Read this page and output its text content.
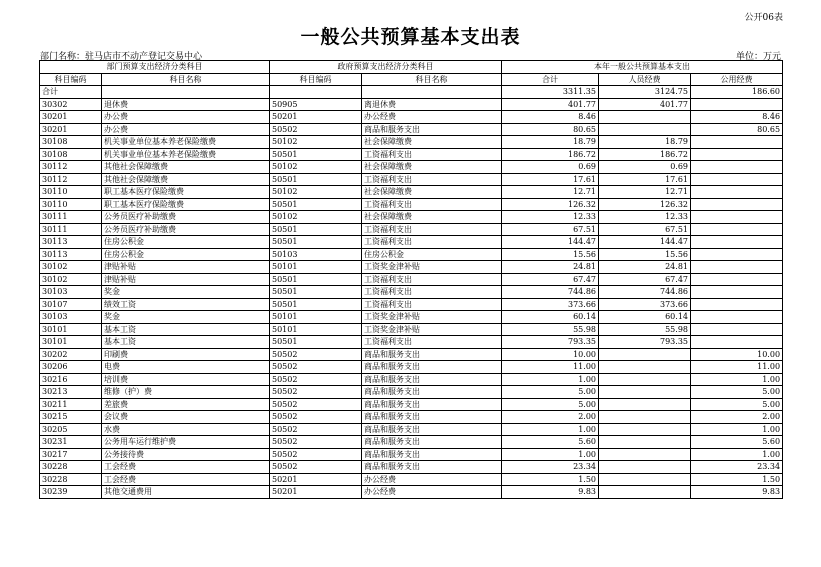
公开06表
一般公共预算基本支出表
部门名称：驻马店市不动产登记交易中心	单位：万元
部门预算支出经济分类科目		政府预算支出经济分类科目		本年一般公共预算基本支出		
科目编码	科目名称	科目编码	科目名称	合计	人员经费	公用经费
合计				3311.35	3124.75	186.60
30302	退休费	50905	离退休费	401.77	401.77	
30201	办公费	50201	办公经费	8.46		8.46
30201	办公费	50502	商品和服务支出	80.65		80.65
30108	机关事业单位基本养老保险缴费	50102	社会保障缴费	18.79	18.79	
30108	机关事业单位基本养老保险缴费	50501	工资福利支出	186.72	186.72	
30112	其他社会保障缴费	50102	社会保障缴费	0.69	0.69	
30112	其他社会保障缴费	50501	工资福利支出	17.61	17.61	
30110	职工基本医疗保险缴费	50102	社会保障缴费	12.71	12.71	
30110	职工基本医疗保险缴费	50501	工资福利支出	126.32	126.32	
30111	公务员医疗补助缴费	50102	社会保障缴费	12.33	12.33	
30111	公务员医疗补助缴费	50501	工资福利支出	67.51	67.51	
30113	住房公积金	50501	工资福利支出	144.47	144.47	
30113	住房公积金	50103	住房公积金	15.56	15.56	
30102	津贴补贴	50101	工资奖金津补贴	24.81	24.81	
30102	津贴补贴	50501	工资福利支出	67.47	67.47	
30103	奖金	50501	工资福利支出	744.86	744.86	
30107	绩效工资	50501	工资福利支出	373.66	373.66	
30103	奖金	50101	工资奖金津补贴	60.14	60.14	
30101	基本工资	50101	工资奖金津补贴	55.98	55.98	
30101	基本工资	50501	工资福利支出	793.35	793.35	
30202	印刷费	50502	商品和服务支出	10.00		10.00
30206	电费	50502	商品和服务支出	11.00		11.00
30216	培训费	50502	商品和服务支出	1.00		1.00
30213	维修（护）费	50502	商品和服务支出	5.00		5.00
30211	差旅费	50502	商品和服务支出	5.00		5.00
30215	会议费	50502	商品和服务支出	2.00		2.00
30205	水费	50502	商品和服务支出	1.00		1.00
30231	公务用车运行维护费	50502	商品和服务支出	5.60		5.60
30217	公务接待费	50502	商品和服务支出	1.00		1.00
30228	工会经费	50502	商品和服务支出	23.34		23.34
30228	工会经费	50201	办公经费	1.50		1.50
30239	其他交通费用	50201	办公经费	9.83		9.83
